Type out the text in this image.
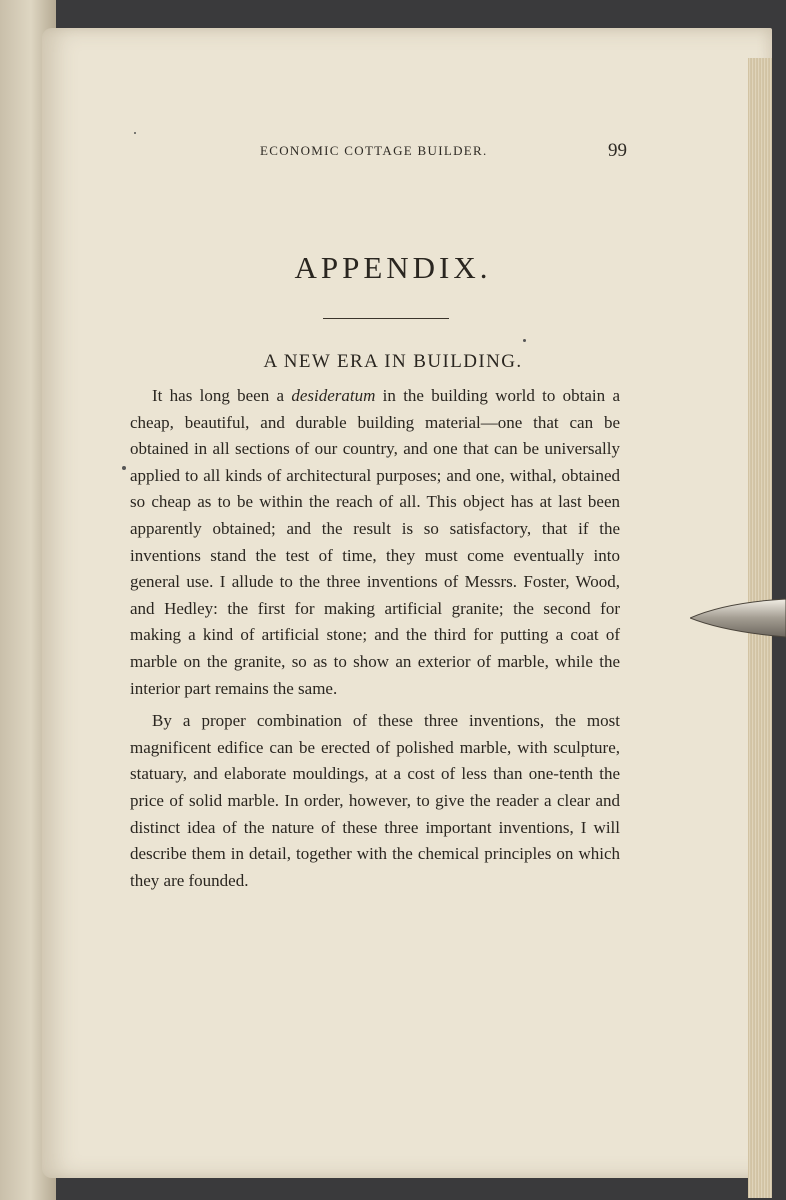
ECONOMIC COTTAGE BUILDER.	99
APPENDIX.
A NEW ERA IN BUILDING.

It has long been a desideratum in the building world to obtain a cheap, beautiful, and durable building material—one that can be obtained in all sections of our country, and one that can be universally applied to all kinds of architectural purposes; and one, withal, obtained so cheap as to be within the reach of all. This object has at last been apparently obtained; and the result is so satisfactory, that if the inventions stand the test of time, they must come eventually into general use. I allude to the three inventions of Messrs. Foster, Wood, and Hedley: the first for making artificial granite; the second for making a kind of artificial stone; and the third for putting a coat of marble on the granite, so as to show an exterior of marble, while the interior part remains the same.

By a proper combination of these three inventions, the most magnificent edifice can be erected of polished marble, with sculpture, statuary, and elaborate mouldings, at a cost of less than one-tenth the price of solid marble. In order, however, to give the reader a clear and distinct idea of the nature of these three important inventions, I will describe them in detail, together with the chemical principles on which they are founded.
